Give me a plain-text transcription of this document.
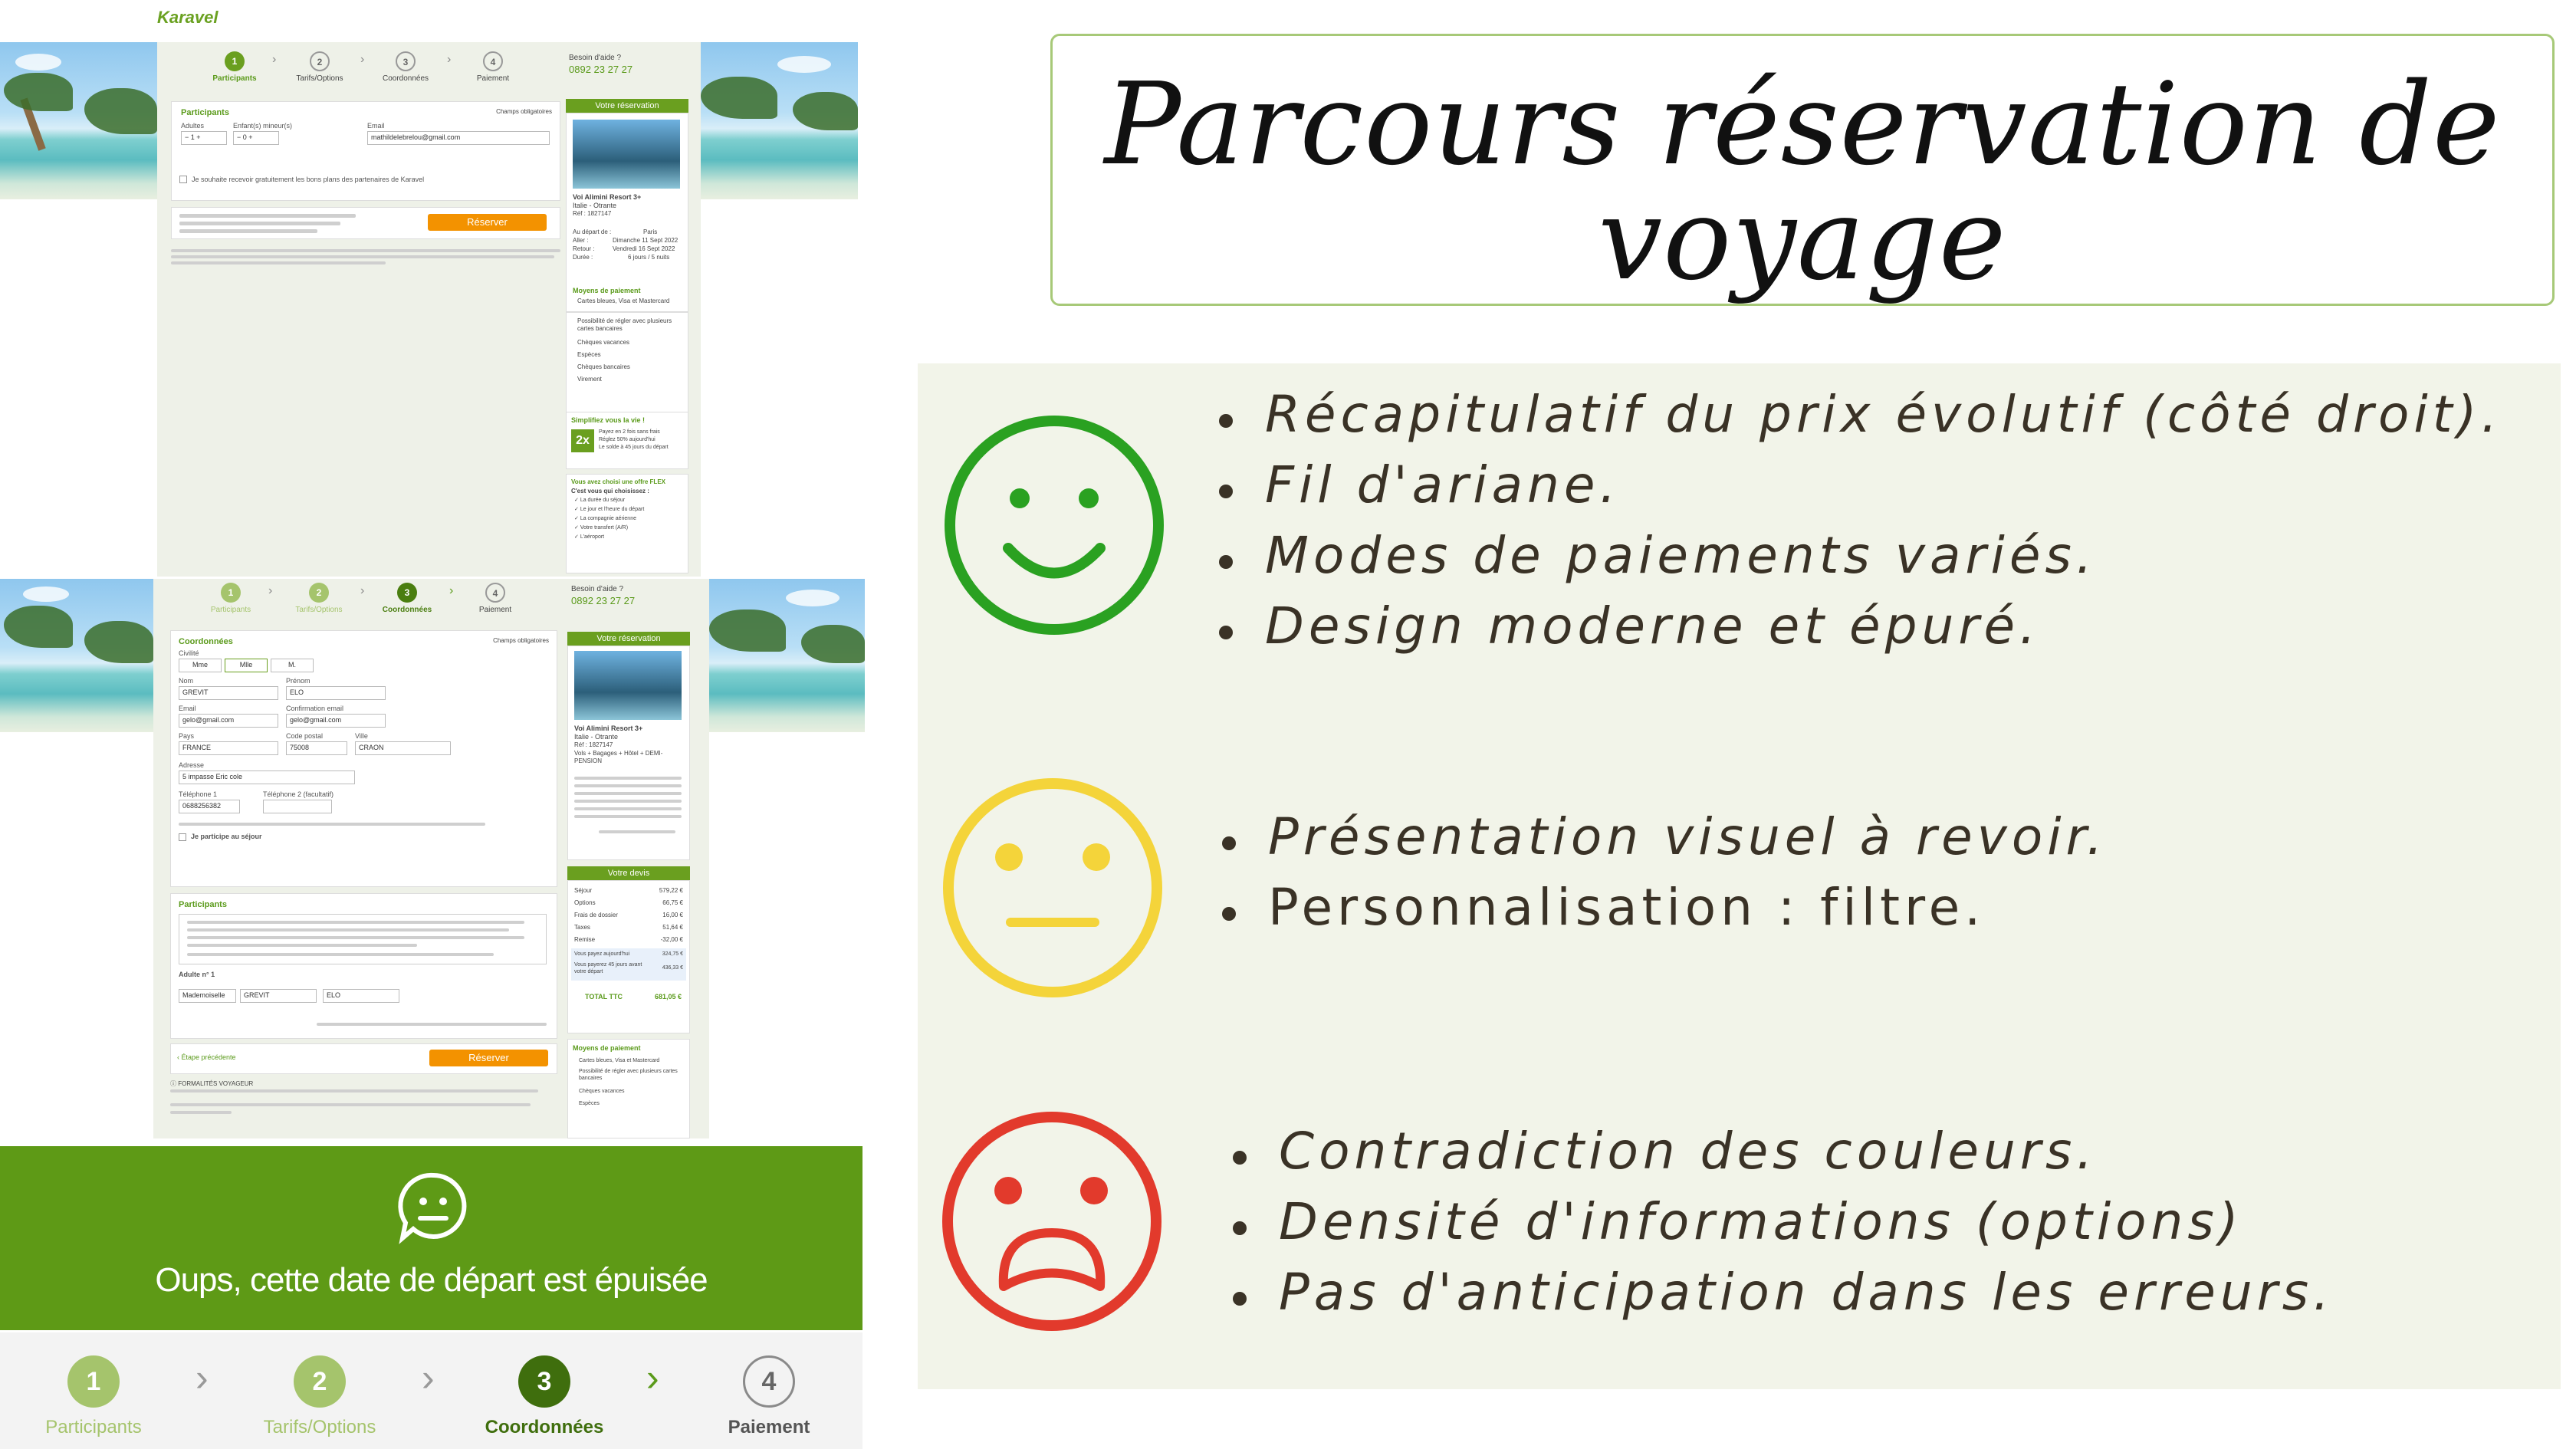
Karavel
1
Participants
›	2
Tarifs/Options
›	3
Coordonnées
›	4
Paiement
Participants	Champs obligatoires
Adultes
− 1 +
Enfant(s) mineur(s)
− 0 +
Email
mathildelebrelou@gmail.com
Je souhaite recevoir gratuitement les bons plans des partenaires de Karavel
Réserver
Besoin d'aide ?
0892 23 27 27
Votre réservation
Voi Alimini Resort 3+
Italie - Otrante
Réf : 1827147
Au départ de :	Paris
Aller :	Dimanche 11 Sept 2022
Retour :	Vendredi 16 Sept 2022
Durée :	6 jours / 5 nuits
Moyens de paiement
Cartes bleues, Visa et Mastercard
Possibilité de régler avec plusieurs cartes bancaires
Chèques vacances
Espèces
Chèques bancaires
Virement
Simplifiez vous la vie !
2x
Payez en 2 fois sans frais
Réglez 50% aujourd'hui
Le solde à 45 jours du départ
Vous avez choisi une offre FLEX
C'est vous qui choisissez :
✓ La durée du séjour
✓ Le jour et l'heure du départ
✓ La compagnie aérienne
✓ Votre transfert (A/R)
✓ L'aéroport
1
Participants
›	2
Tarifs/Options
›	3
Coordonnées
›	4
Paiement
Coordonnées	Champs obligatoires
Civilité
Mme	Mlle	M.
Nom
GREVIT
Prénom
ELO
Email
gelo@gmail.com
Confirmation email
gelo@gmail.com
Pays
FRANCE
Code postal
75008
Ville
CRAON
Adresse
5 impasse Eric cole
Téléphone 1
0688256382
Téléphone 2 (facultatif)
Je participe au séjour
Participants
Adulte n° 1
Mademoiselle	GREVIT	ELO
‹ Étape précédente	Réserver
ⓘ FORMALITÉS VOYAGEUR
Besoin d'aide ?
0892 23 27 27
Votre réservation
Voi Alimini Resort 3+
Italie - Otrante
Réf : 1827147
Vols + Bagages + Hôtel + DEMI-PENSION
Votre devis
Séjour	579,22 €
Options	66,75 €
Frais de dossier	16,00 €
Taxes	51,64 €
Remise	-32,00 €
Vous payez aujourd'hui	324,75 €
Vous payerez 45 jours avant votre départ
436,33 €
TOTAL TTC	681,05 €
Moyens de paiement
Cartes bleues, Visa et Mastercard
Possibilité de régler avec plusieurs cartes bancaires
Chèques vacances
Espèces
Oups, cette date de départ est épuisée
1
Participants
›	2
Tarifs/Options
›	3
Coordonnées
›	4
Paiement
Parcours réservation de voyage
Récapitulatif du prix évolutif (côté droit).
Fil d'ariane.
Modes de paiements variés.
Design moderne et épuré.
Présentation visuel à revoir.
Personnalisation : filtre.
Contradiction des couleurs.
Densité d'informations (options)
Pas d'anticipation dans les erreurs.
